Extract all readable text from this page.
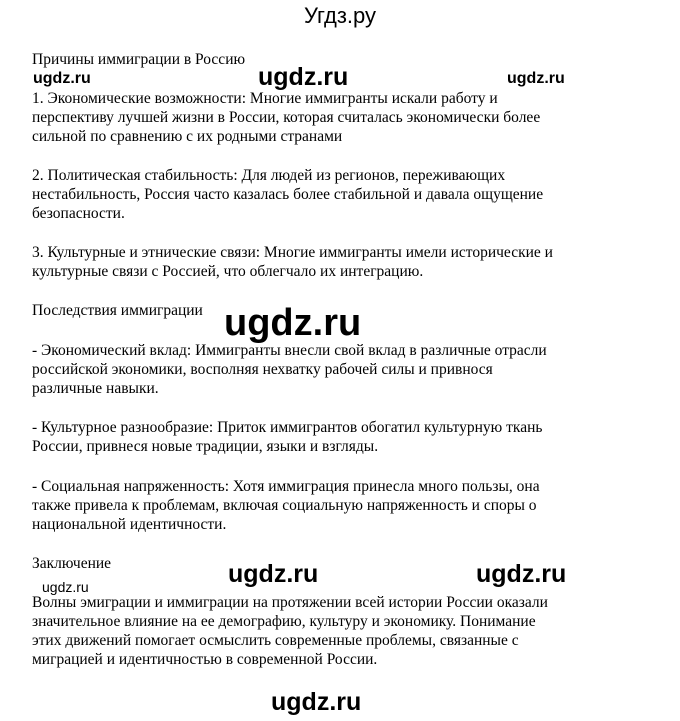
Угдз.ру
Причины иммиграции в Россию
1. Экономические возможности: Многие иммигранты искали работу и
перспективу лучшей жизни в России, которая считалась экономически более
сильной по сравнению с их родными странами
2. Политическая стабильность: Для людей из регионов, переживающих
нестабильность, Россия часто казалась более стабильной и давала ощущение
безопасности.
3. Культурные и этнические связи: Многие иммигранты имели исторические и
культурные связи с Россией, что облегчало их интеграцию.
Последствия иммиграции
- Экономический вклад: Иммигранты внесли свой вклад в различные отрасли
российской экономики, восполняя нехватку рабочей силы и привнося
различные навыки.
- Культурное разнообразие: Приток иммигрантов обогатил культурную ткань
России, привнеся новые традиции, языки и взгляды.
- Социальная напряженность: Хотя иммиграция принесла много пользы, она
также привела к проблемам, включая социальную напряженность и споры о
национальной идентичности.
Заключение
Волны эмиграции и иммиграции на протяжении всей истории России оказали
значительное влияние на ее демографию, культуру и экономику. Понимание
этих движений помогает осмыслить современные проблемы, связанные с
миграцией и идентичностью в современной России.
ugdz.ru	ugdz.ru	ugdz.ru
ugdz.ru
ugdz.ru	ugdz.ru
ugdz.ru
ugdz.ru
